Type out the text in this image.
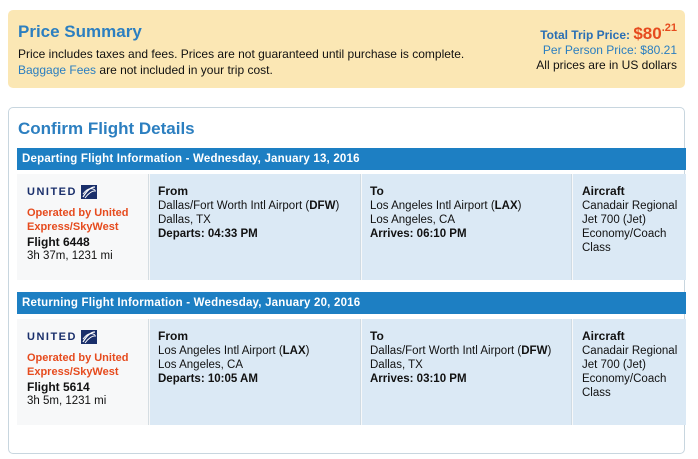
Price Summary
Price includes taxes and fees. Prices are not guaranteed until purchase is complete.
Baggage Fees are not included in your trip cost.
Total Trip Price: $\$80^{.21}$
Per Person Price: $80.21
All prices are in US dollars
Confirm Flight Details
Departing Flight Information - Wednesday, January 13, 2016
UNITED
Operated by United Express/SkyWest
Flight 6448
3h 37m, 1231 mi
From
Dallas/Fort Worth Intl Airport (DFW)
Dallas, TX
Departs: 04:33 PM
To
Los Angeles Intl Airport (LAX)
Los Angeles, CA
Arrives: 06:10 PM
Aircraft
Canadair Regional
Jet 700 (Jet)
Economy/Coach
Class
Returning Flight Information - Wednesday, January 20, 2016
UNITED
Operated by United Express/SkyWest
Flight 5614
3h 5m, 1231 mi
From
Los Angeles Intl Airport (LAX)
Los Angeles, CA
Departs: 10:05 AM
To
Dallas/Fort Worth Intl Airport (DFW)
Dallas, TX
Arrives: 03:10 PM
Aircraft
Canadair Regional
Jet 700 (Jet)
Economy/Coach
Class
